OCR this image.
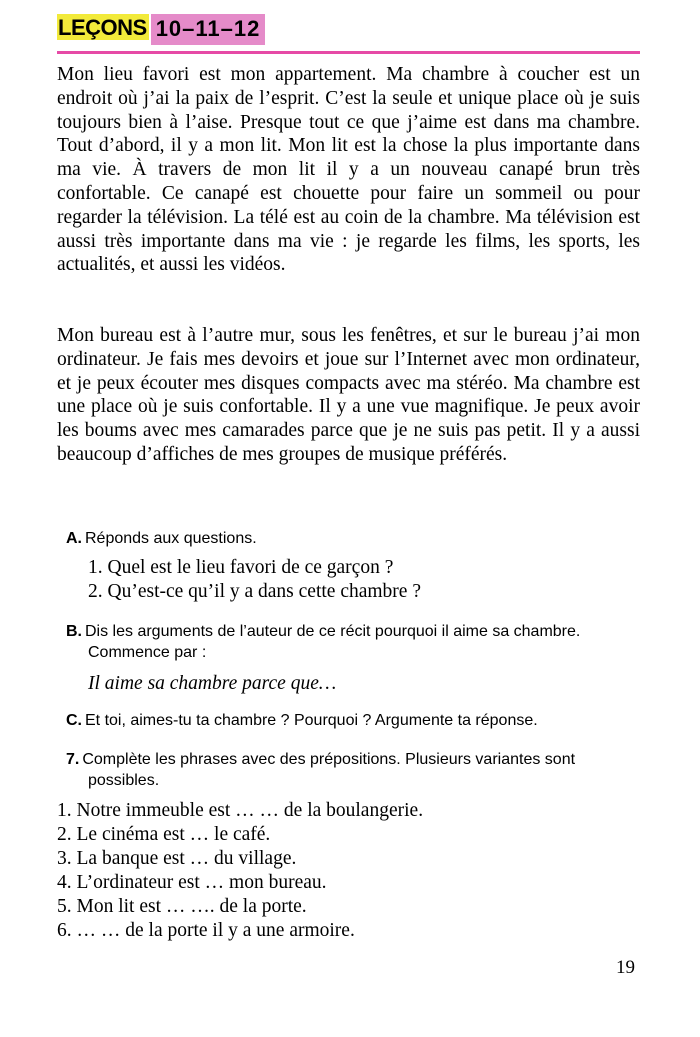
LEÇONS 10–11–12
Mon lieu favori est mon appartement. Ma chambre à coucher est un endroit où j’ai la paix de l’esprit. C’est la seule et unique place où je suis toujours bien à l’aise. Presque tout ce que j’aime est dans ma chambre. Tout d’abord, il y a mon lit. Mon lit est la chose la plus importante dans ma vie. À travers de mon lit il y a un nouveau canapé brun très confortable. Ce canapé est chouette pour faire un sommeil ou pour regarder la télévision. La télé est au coin de la chambre. Ma télévision est aussi très importante dans ma vie : je regarde les films, les sports, les actualités, et aussi les vidéos.
Mon bureau est à l’autre mur, sous les fenêtres, et sur le bureau j’ai mon ordinateur. Je fais mes devoirs et joue sur l’Internet avec mon ordinateur, et je peux écouter mes disques compacts avec ma stéréo. Ma chambre est une place où je suis confortable. Il y a une vue magnifique. Je peux avoir les boums avec mes camarades parce que je ne suis pas petit. Il y a aussi beaucoup d’affiches de mes groupes de musique préférés.
A. Réponds aux questions.
1. Quel est le lieu favori de ce garçon ?
2. Qu’est-ce qu’il y a dans cette chambre ?
B. Dis les arguments de l’auteur de ce récit pourquoi il aime sa chambre. Commence par :
Il aime sa chambre parce que…
C. Et toi, aimes-tu ta chambre ? Pourquoi ? Argumente ta réponse.
7. Complète les phrases avec des prépositions. Plusieurs variantes sont possibles.
1. Notre immeuble est … … de la boulangerie.
2. Le cinéma est … le café.
3. La banque est … du village.
4. L’ordinateur est … mon bureau.
5. Mon lit est … …. de la porte.
6. … … de la porte il y a une armoire.
19
